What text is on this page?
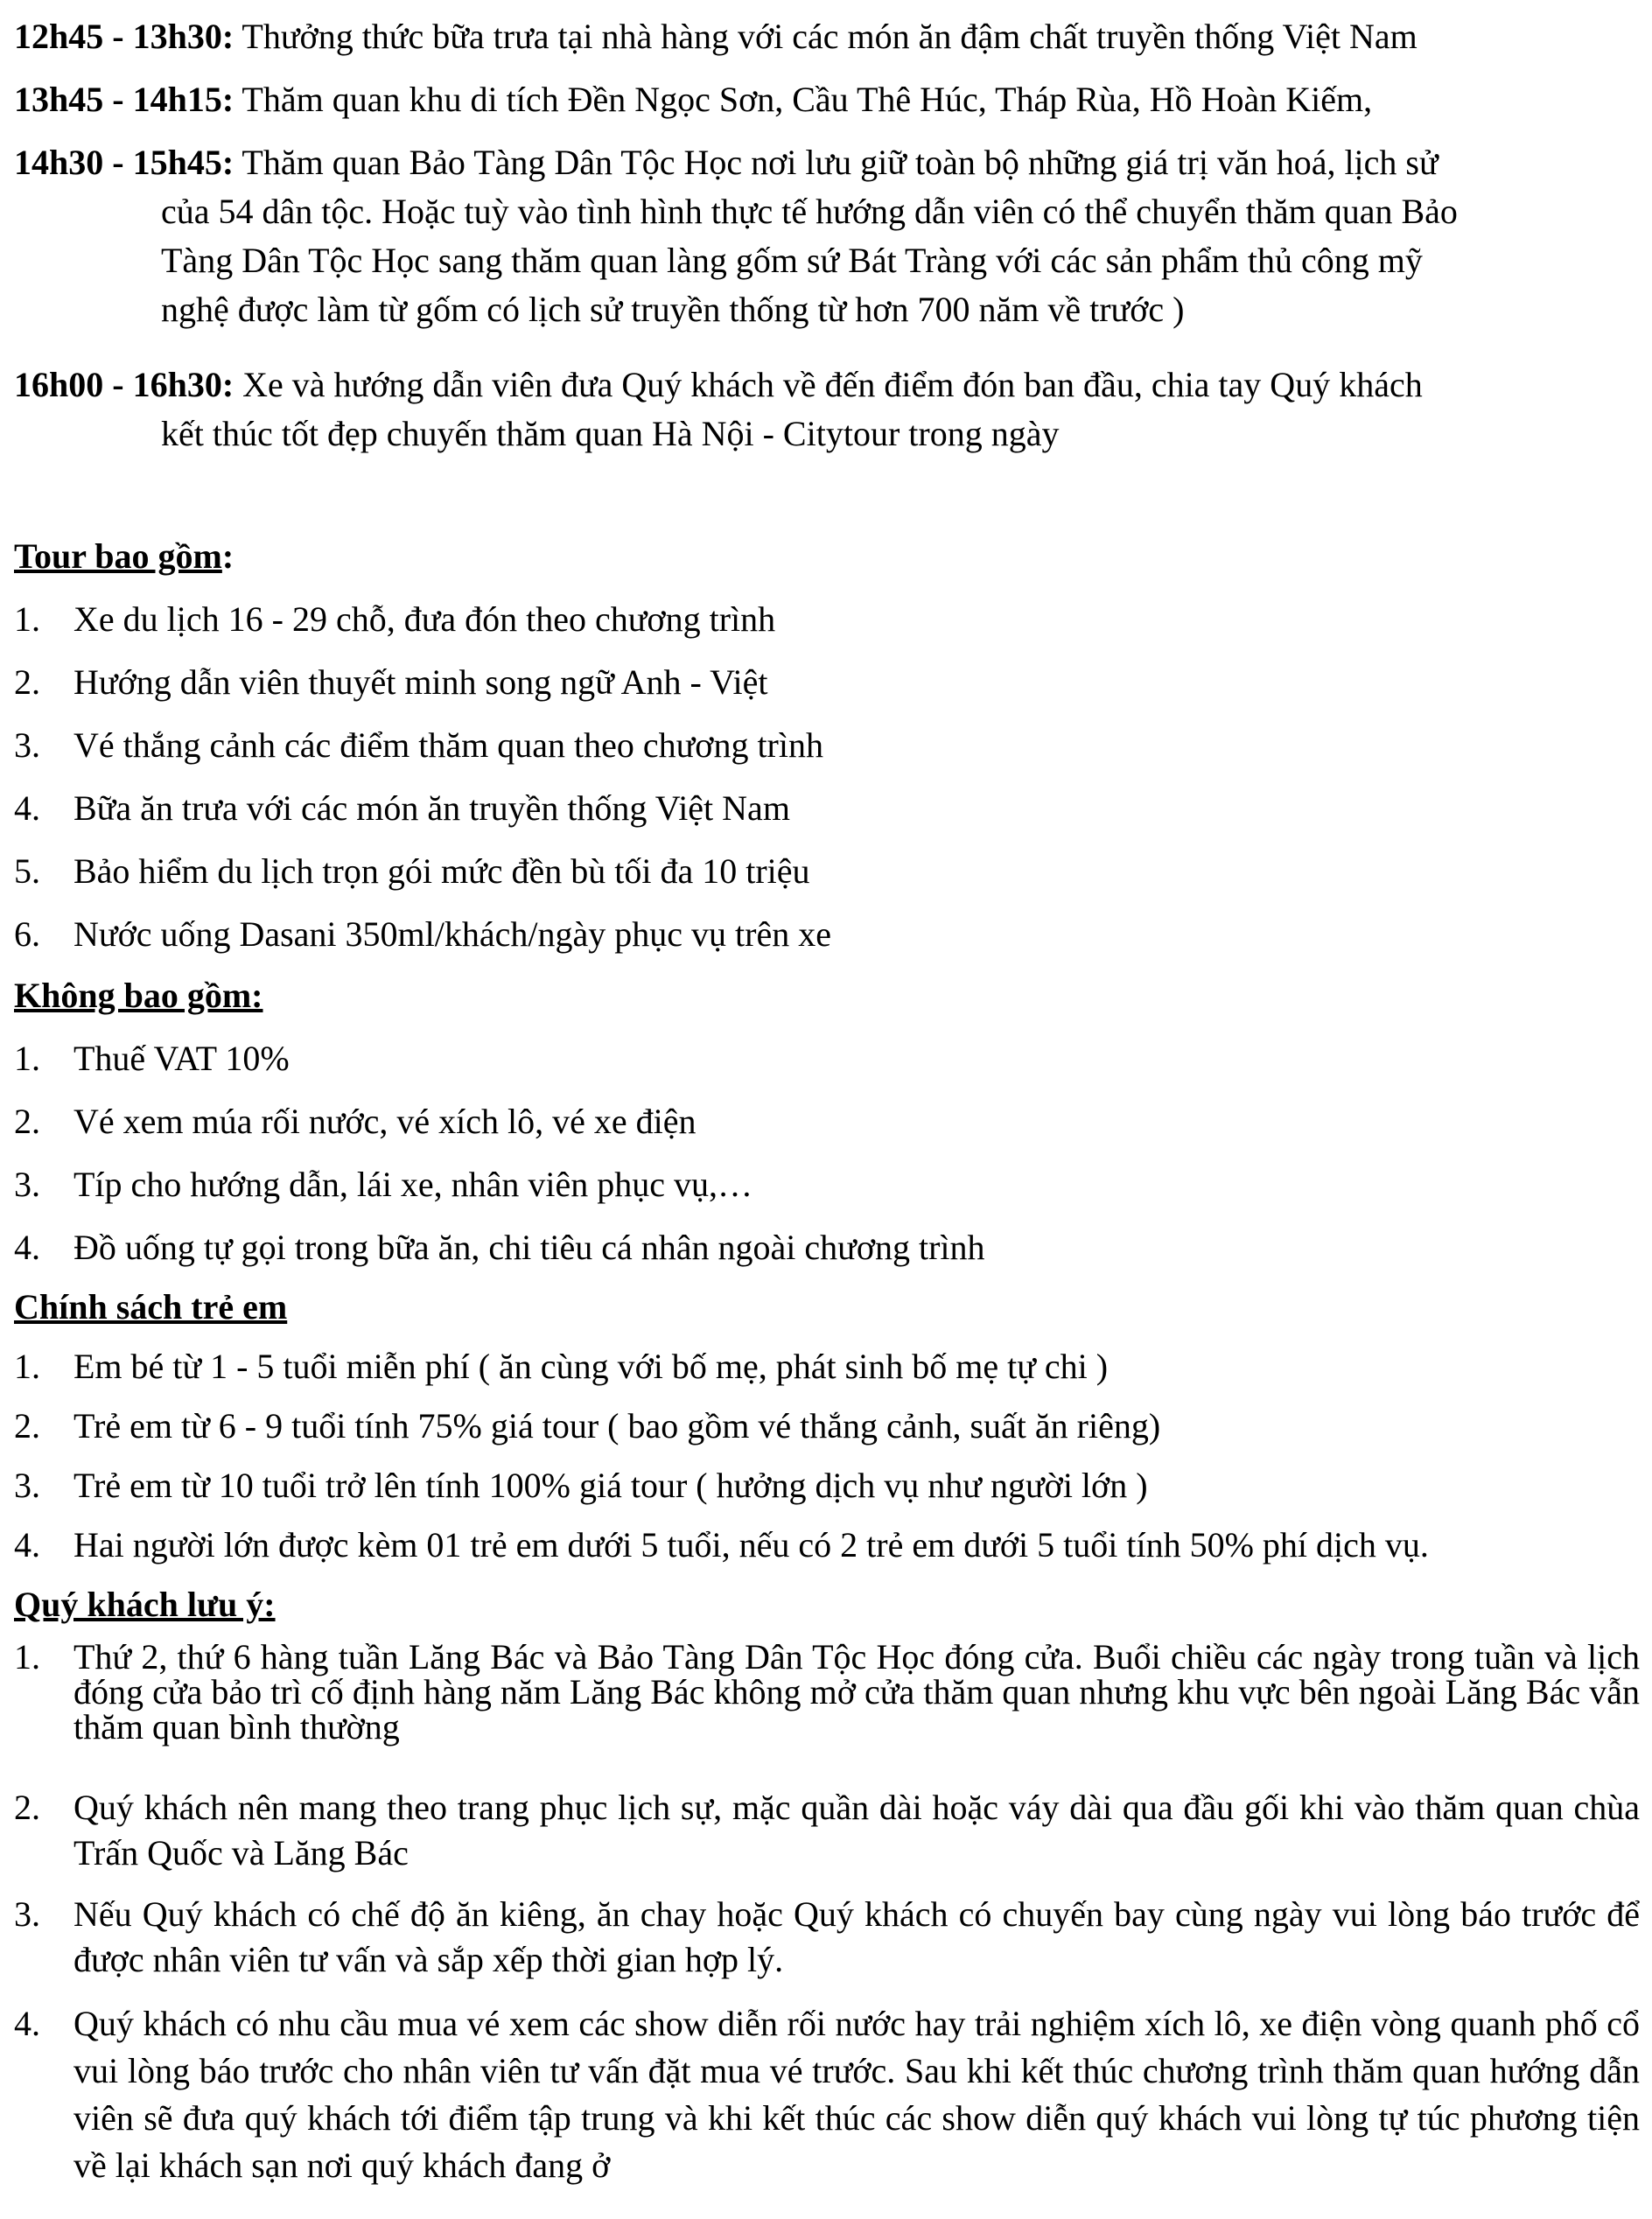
12h45 - 13h30: Thưởng thức bữa trưa tại nhà hàng với các món ăn đậm chất truyền thống Việt Nam
13h45 - 14h15: Thăm quan khu di tích Đền Ngọc Sơn, Cầu Thê Húc, Tháp Rùa, Hồ Hoàn Kiếm,
14h30 - 15h45: Thăm quan Bảo Tàng Dân Tộc Học nơi lưu giữ toàn bộ những giá trị văn hoá, lịch sử
của 54 dân tộc. Hoặc tuỳ vào tình hình thực tế hướng dẫn viên có thể chuyển thăm quan Bảo
Tàng Dân Tộc Học sang thăm quan làng gốm sứ Bát Tràng với các sản phẩm thủ công mỹ
nghệ được làm từ gốm có lịch sử truyền thống từ hơn 700 năm về trước )
16h00 - 16h30: Xe và hướng dẫn viên đưa Quý khách về đến điểm đón ban đầu, chia tay Quý khách
kết thúc tốt đẹp chuyến thăm quan Hà Nội - Citytour trong ngày
Tour bao gồm:
1. Xe du lịch 16 - 29 chỗ, đưa đón theo chương trình
2. Hướng dẫn viên thuyết minh song ngữ Anh - Việt
3. Vé thắng cảnh các điểm thăm quan theo chương trình
4. Bữa ăn trưa với các món ăn truyền thống Việt Nam
5. Bảo hiểm du lịch trọn gói mức đền bù tối đa 10 triệu
6. Nước uống Dasani 350ml/khách/ngày phục vụ trên xe
Không bao gồm:
1. Thuế VAT 10%
2. Vé xem múa rối nước, vé xích lô, vé xe điện
3. Típ cho hướng dẫn, lái xe, nhân viên phục vụ,…
4. Đồ uống tự gọi trong bữa ăn, chi tiêu cá nhân ngoài chương trình
Chính sách trẻ em
1. Em bé từ 1 - 5 tuổi miễn phí ( ăn cùng với bố mẹ, phát sinh bố mẹ tự chi )
2. Trẻ em từ 6 - 9 tuổi tính 75% giá tour ( bao gồm vé thắng cảnh, suất ăn riêng)
3. Trẻ em từ 10 tuổi trở lên tính 100% giá tour ( hưởng dịch vụ như người lớn )
4. Hai người lớn được kèm 01 trẻ em dưới 5 tuổi, nếu có 2 trẻ em dưới 5 tuổi tính 50% phí dịch vụ.
Quý khách lưu ý:
1. Thứ 2, thứ 6 hàng tuần Lăng Bác và Bảo Tàng Dân Tộc Học đóng cửa. Buổi chiều các ngày trong tuần và lịch đóng cửa bảo trì cố định hàng năm Lăng Bác không mở cửa thăm quan nhưng khu vực bên ngoài Lăng Bác vẫn thăm quan bình thường
2. Quý khách nên mang theo trang phục lịch sự, mặc quần dài hoặc váy dài qua đầu gối khi vào thăm quan chùa Trấn Quốc và Lăng Bác
3. Nếu Quý khách có chế độ ăn kiêng, ăn chay hoặc Quý khách có chuyến bay cùng ngày vui lòng báo trước để được nhân viên tư vấn và sắp xếp thời gian hợp lý.
4. Quý khách có nhu cầu mua vé xem các show diễn rối nước hay trải nghiệm xích lô, xe điện vòng quanh phố cổ vui lòng báo trước cho nhân viên tư vấn đặt mua vé trước. Sau khi kết thúc chương trình thăm quan hướng dẫn viên sẽ đưa quý khách tới điểm tập trung và khi kết thúc các show diễn quý khách vui lòng tự túc phương tiện về lại khách sạn nơi quý khách đang ở
